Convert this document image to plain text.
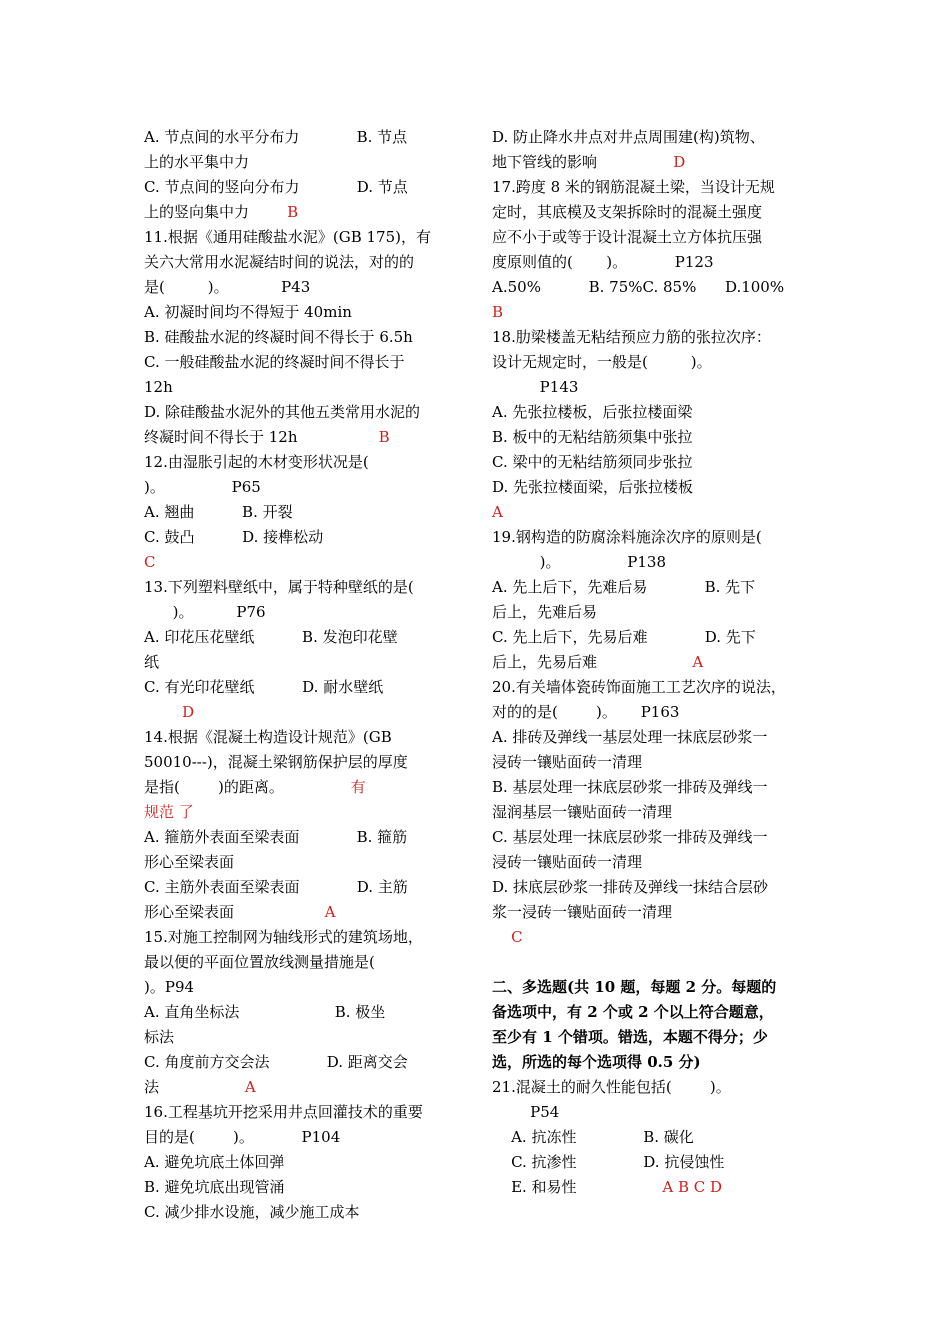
A. 节点间的水平分布力            B. 节点
上的水平集中力
C. 节点间的竖向分布力            D. 节点
上的竖向集中力        B
11.根据《通用硅酸盐水泥》(GB 175)，有
关六大常用水泥凝结时间的说法，对的的
是(         )。           P43
A. 初凝时间均不得短于 40min
B. 硅酸盐水泥的终凝时间不得长于 6.5h
C. 一般硅酸盐水泥的终凝时间不得长于
12h
D. 除硅酸盐水泥外的其他五类常用水泥的
终凝时间不得长于 12h                 B
12.由湿胀引起的木材变形状况是(
)。              P65
A. 翘曲          B. 开裂
C. 鼓凸          D. 接榫松动
C
13.下列塑料壁纸中，属于特种壁纸的是(
)。         P76
A. 印花压花壁纸          B. 发泡印花壁
纸
C. 有光印花壁纸          D. 耐水壁纸
D
14.根据《混凝土构造设计规范》(GB
50010---)，混凝土梁钢筋保护层的厚度
是指(        )的距离。              有
规范 了
A. 箍筋外表面至梁表面            B. 箍筋
形心至梁表面
C. 主筋外表面至梁表面            D. 主筋
形心至梁表面                   A
15.对施工控制网为轴线形式的建筑场地，
最以便的平面位置放线测量措施是(
)。P94
A. 直角坐标法                    B. 极坐
标法
C. 角度前方交会法            D. 距离交会
法                  A
16.工程基坑开挖采用井点回灌技术的重要
目的是(        )。          P104
A. 避免坑底土体回弹
B. 避免坑底出现管涌
C. 减少排水设施，减少施工成本
D. 防止降水井点对井点周围建(构)筑物、
地下管线的影响                D
17.跨度 8 米的钢筋混凝土梁，当设计无规
定时，其底模及支架拆除时的混凝土强度
应不小于或等于设计混凝土立方体抗压强
度原则值的(       )。          P123
A.50%          B. 75%C. 85%      D.100%
B
18.肋梁楼盖无粘结预应力筋的张拉次序：
设计无规定时，一般是(         )。
P143
A. 先张拉楼板，后张拉楼面梁
B. 板中的无粘结筋须集中张拉
C. 梁中的无粘结筋须同步张拉
D. 先张拉楼面梁，后张拉楼板
A
19.钢构造的防腐涂料施涂次序的原则是(
)。              P138
A. 先上后下，先难后易            B. 先下
后上，先难后易
C. 先上后下，先易后难            D. 先下
后上，先易后难                    A
20.有关墙体瓷砖饰面施工工艺次序的说法，
对的的是(        )。     P163
A. 排砖及弹线一基层处理一抹底层砂浆一
浸砖一镶贴面砖一清理
B. 基层处理一抹底层砂浆一排砖及弹线一
湿润基层一镶贴面砖一清理
C. 基层处理一抹底层砂浆一排砖及弹线一
浸砖一镶贴面砖一清理
D. 抹底层砂浆一排砖及弹线一抹结合层砂
浆一浸砖一镶贴面砖一清理
C
二、多选题(共 10 题，每题 2 分。每题的
备选项中，有 2 个或 2 个以上符合题意，
至少有 1 个错项。错选，本题不得分；少
选，所选的每个选项得 0.5 分)
21.混凝土的耐久性能包括(        )。
P54
A. 抗冻性              B. 碳化
C. 抗渗性              D. 抗侵蚀性
E. 和易性                  A B C D
